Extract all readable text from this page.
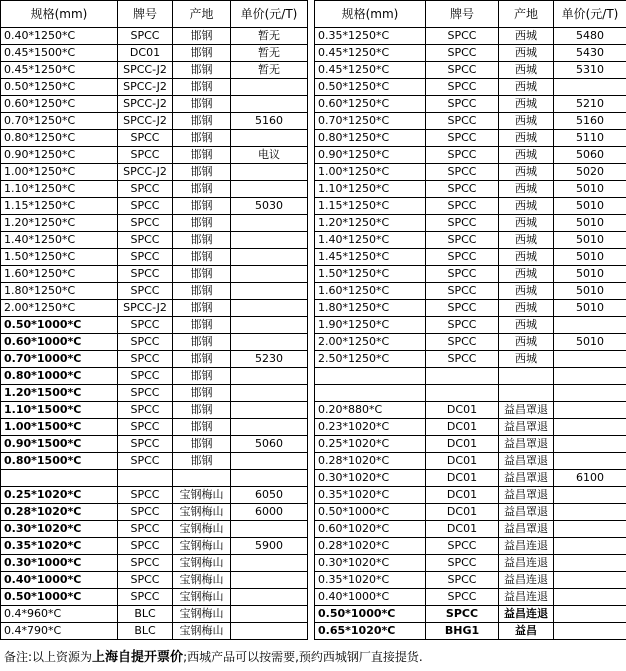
规格(mm)	牌号	产地	单价(元/T)
0.40*1250*C	SPCC	邯钢	暂无
0.45*1500*C	DC01	邯钢	暂无
0.45*1250*C	SPCC-J2	邯钢	暂无
0.50*1250*C	SPCC-J2	邯钢	
0.60*1250*C	SPCC-J2	邯钢	
0.70*1250*C	SPCC-J2	邯钢	5160
0.80*1250*C	SPCC	邯钢	
0.90*1250*C	SPCC	邯钢	电议
1.00*1250*C	SPCC-J2	邯钢	
1.10*1250*C	SPCC	邯钢	
1.15*1250*C	SPCC	邯钢	5030
1.20*1250*C	SPCC	邯钢	
1.40*1250*C	SPCC	邯钢	
1.50*1250*C	SPCC	邯钢	
1.60*1250*C	SPCC	邯钢	
1.80*1250*C	SPCC	邯钢	
2.00*1250*C	SPCC-J2	邯钢	
0.50*1000*C	SPCC	邯钢	
0.60*1000*C	SPCC	邯钢	
0.70*1000*C	SPCC	邯钢	5230
0.80*1000*C	SPCC	邯钢	
1.20*1500*C	SPCC	邯钢	
1.10*1500*C	SPCC	邯钢	
1.00*1500*C	SPCC	邯钢	
0.90*1500*C	SPCC	邯钢	5060
0.80*1500*C	SPCC	邯钢	

0.25*1020*C	SPCC	宝钢梅山	6050
0.28*1020*C	SPCC	宝钢梅山	6000
0.30*1020*C	SPCC	宝钢梅山	
0.35*1020*C	SPCC	宝钢梅山	5900
0.30*1000*C	SPCC	宝钢梅山	
0.40*1000*C	SPCC	宝钢梅山	
0.50*1000*C	SPCC	宝钢梅山	
0.4*960*C	BLC	宝钢梅山	
0.4*790*C	BLC	宝钢梅山	
规格(mm)	牌号	产地	单价(元/T)
0.35*1250*C	SPCC	西城	5480
0.45*1250*C	SPCC	西城	5430
0.45*1250*C	SPCC	西城	5310
0.50*1250*C	SPCC	西城	
0.60*1250*C	SPCC	西城	5210
0.70*1250*C	SPCC	西城	5160
0.80*1250*C	SPCC	西城	5110
0.90*1250*C	SPCC	西城	5060
1.00*1250*C	SPCC	西城	5020
1.10*1250*C	SPCC	西城	5010
1.15*1250*C	SPCC	西城	5010
1.20*1250*C	SPCC	西城	5010
1.40*1250*C	SPCC	西城	5010
1.45*1250*C	SPCC	西城	5010
1.50*1250*C	SPCC	西城	5010
1.60*1250*C	SPCC	西城	5010
1.80*1250*C	SPCC	西城	5010
1.90*1250*C	SPCC	西城	
2.00*1250*C	SPCC	西城	5010
2.50*1250*C	SPCC	西城	

0.20*880*C	DC01	益昌罩退	
0.23*1020*C	DC01	益昌罩退	
0.25*1020*C	DC01	益昌罩退	
0.28*1020*C	DC01	益昌罩退	
0.30*1020*C	DC01	益昌罩退	6100
0.35*1020*C	DC01	益昌罩退	
0.50*1000*C	DC01	益昌罩退	
0.60*1020*C	DC01	益昌罩退	
0.28*1020*C	SPCC	益昌连退	
0.30*1020*C	SPCC	益昌连退	
0.35*1020*C	SPCC	益昌连退	
0.40*1000*C	SPCC	益昌连退	
0.50*1000*C	SPCC	益昌连退	
0.65*1020*C	BHG1	益昌	
备注:以上资源为上海自提开票价;西城产品可以按需要,预约西城钢厂直接提货.
